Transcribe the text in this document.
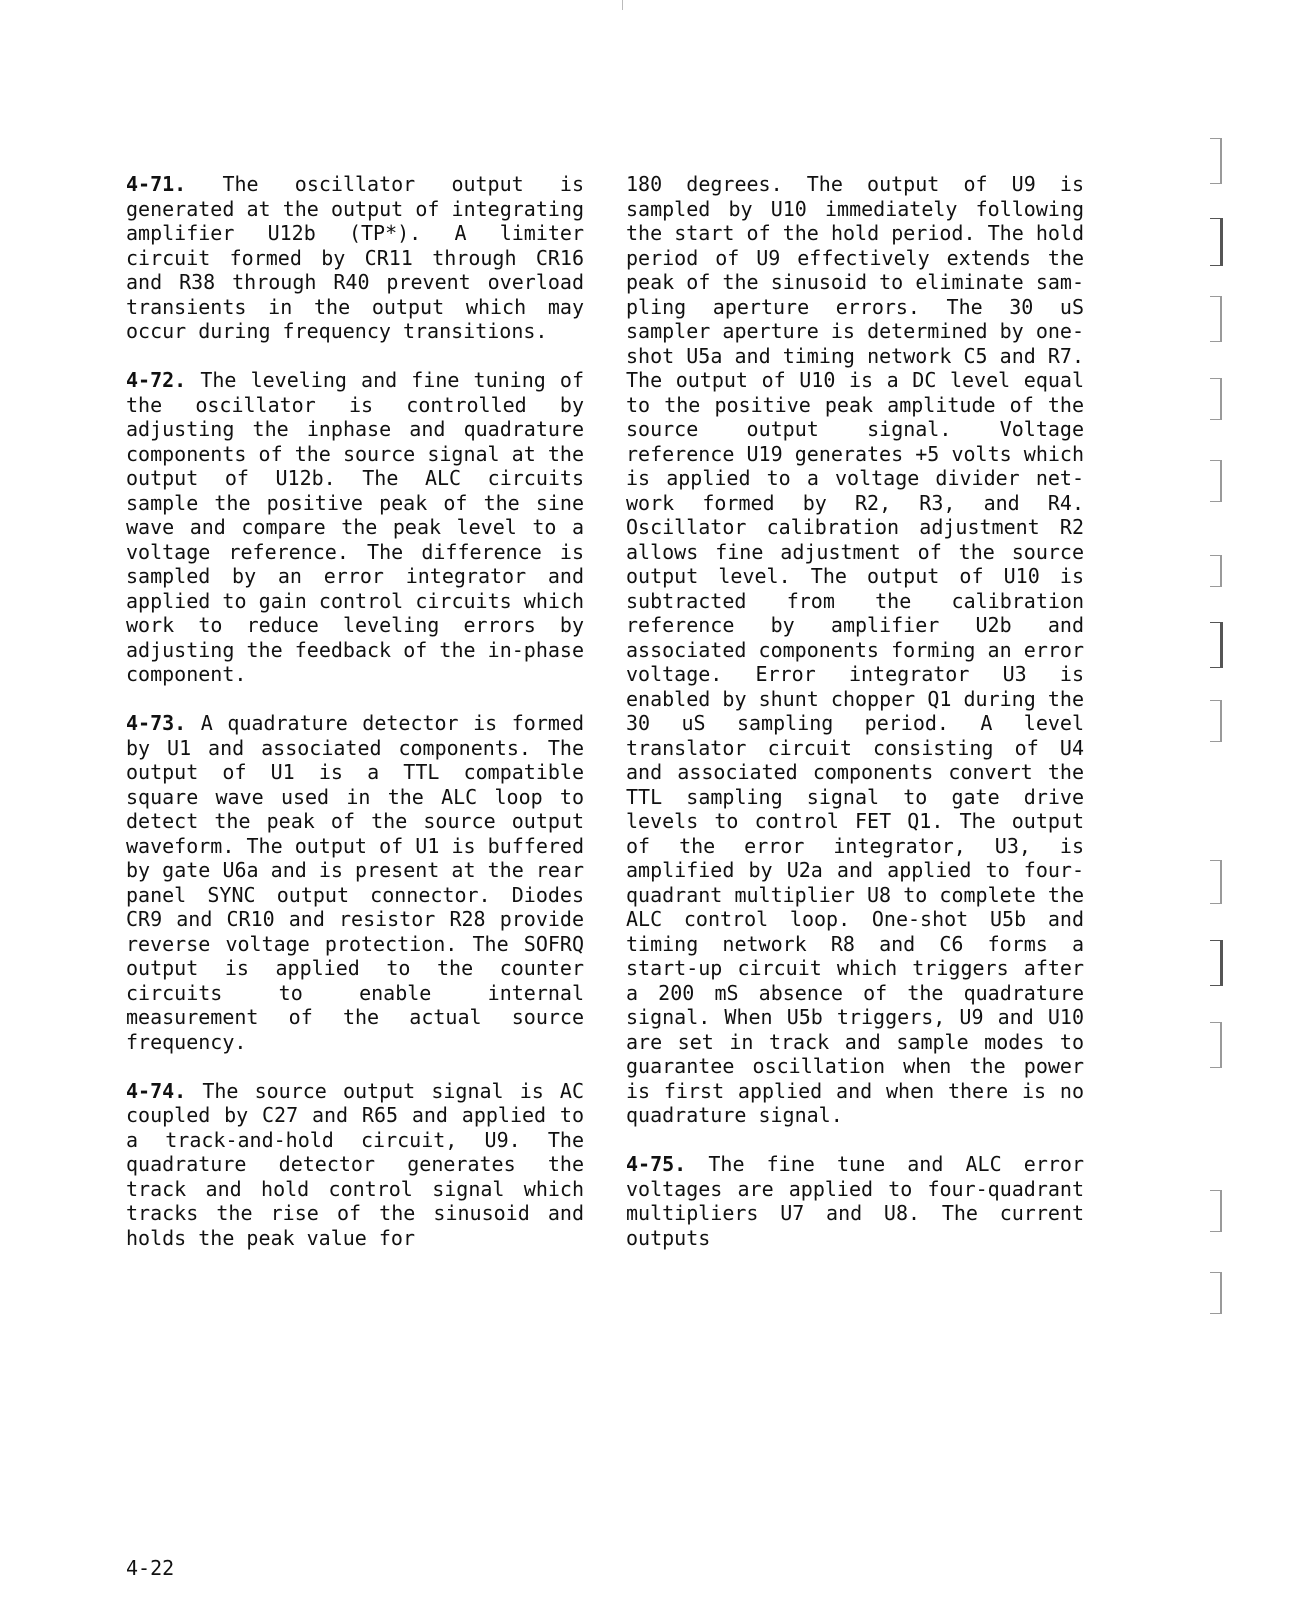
4-71. The oscillator output is generated at the output of integrating amplifier U12b (TP*). A limiter circuit formed by CR11 through CR16 and R38 through R40 prevent overload transients in the output which may occur during frequency transitions.

4-72. The leveling and fine tuning of the oscillator is controlled by adjusting the inphase and quadrature components of the source signal at the output of U12b. The ALC circuits sample the positive peak of the sine wave and compare the peak level to a voltage reference. The difference is sampled by an error integrator and applied to gain control circuits which work to reduce leveling errors by adjusting the feedback of the in-phase component.

4-73. A quadrature detector is formed by U1 and associated components. The output of U1 is a TTL compatible square wave used in the ALC loop to detect the peak of the source output waveform. The output of U1 is buffered by gate U6a and is present at the rear panel SYNC output connector. Diodes CR9 and CR10 and resistor R28 provide reverse voltage protection. The SOFRQ output is applied to the counter circuits to enable internal measurement of the actual source frequency.

4-74. The source output signal is AC coupled by C27 and R65 and applied to a track-and-hold circuit, U9. The quadrature detector generates the track and hold control signal which tracks the rise of the sinusoid and holds the peak value for

180 degrees. The output of U9 is sampled by U10 immediately following the start of the hold period. The hold period of U9 effectively extends the peak of the sinusoid to eliminate sampling aperture errors. The 30 uS sampler aperture is determined by one-shot U5a and timing network C5 and R7. The output of U10 is a DC level equal to the positive peak amplitude of the source output signal. Voltage reference U19 generates +5 volts which is applied to a voltage divider network formed by R2, R3, and R4. Oscillator calibration adjustment R2 allows fine adjustment of the source output level. The output of U10 is subtracted from the calibration reference by amplifier U2b and associated components forming an error voltage. Error integrator U3 is enabled by shunt chopper Q1 during the 30 uS sampling period. A level translator circuit consisting of U4 and associated components convert the TTL sampling signal to gate drive levels to control FET Q1. The output of the error integrator, U3, is amplified by U2a and applied to fourquadrant multiplier U8 to complete the ALC control loop. One-shot U5b and timing network R8 and C6 forms a start-up circuit which triggers after a 200 mS absence of the quadrature signal. When U5b triggers, U9 and U10 are set in track and sample modes to guarantee oscillation when the power is first applied and when there is no quadrature signal.

4-75. The fine tune and ALC error voltages are applied to four-quadrant multipliers U7 and U8. The current outputs

4-22
